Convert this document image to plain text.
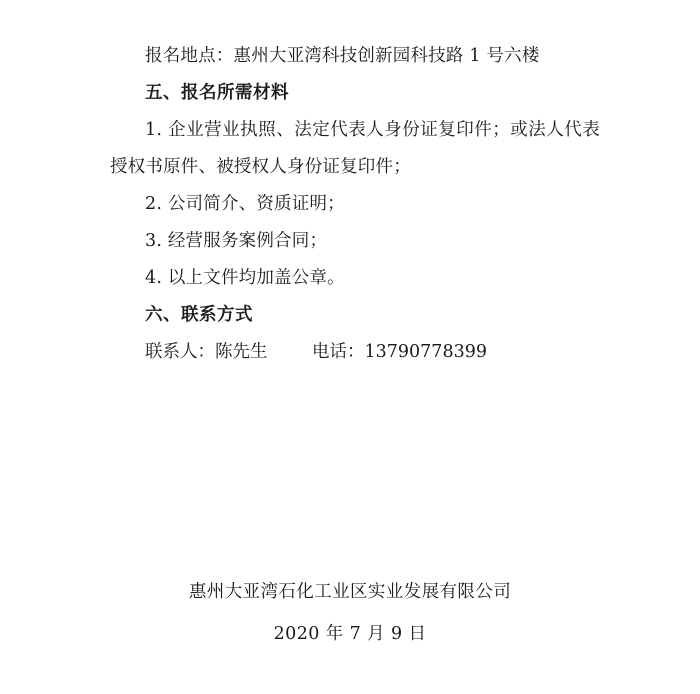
报名地点：惠州大亚湾科技创新园科技路 1 号六楼

五、报名所需材料

1. 企业营业执照、法定代表人身份证复印件；或法人代表授权书原件、被授权人身份证复印件；

2. 公司简介、资质证明；

3. 经营服务案例合同；

4. 以上文件均加盖公章。

六、联系方式

联系人：陈先生        电话：13790778399

惠州大亚湾石化工业区实业发展有限公司
2020 年 7 月 9 日
